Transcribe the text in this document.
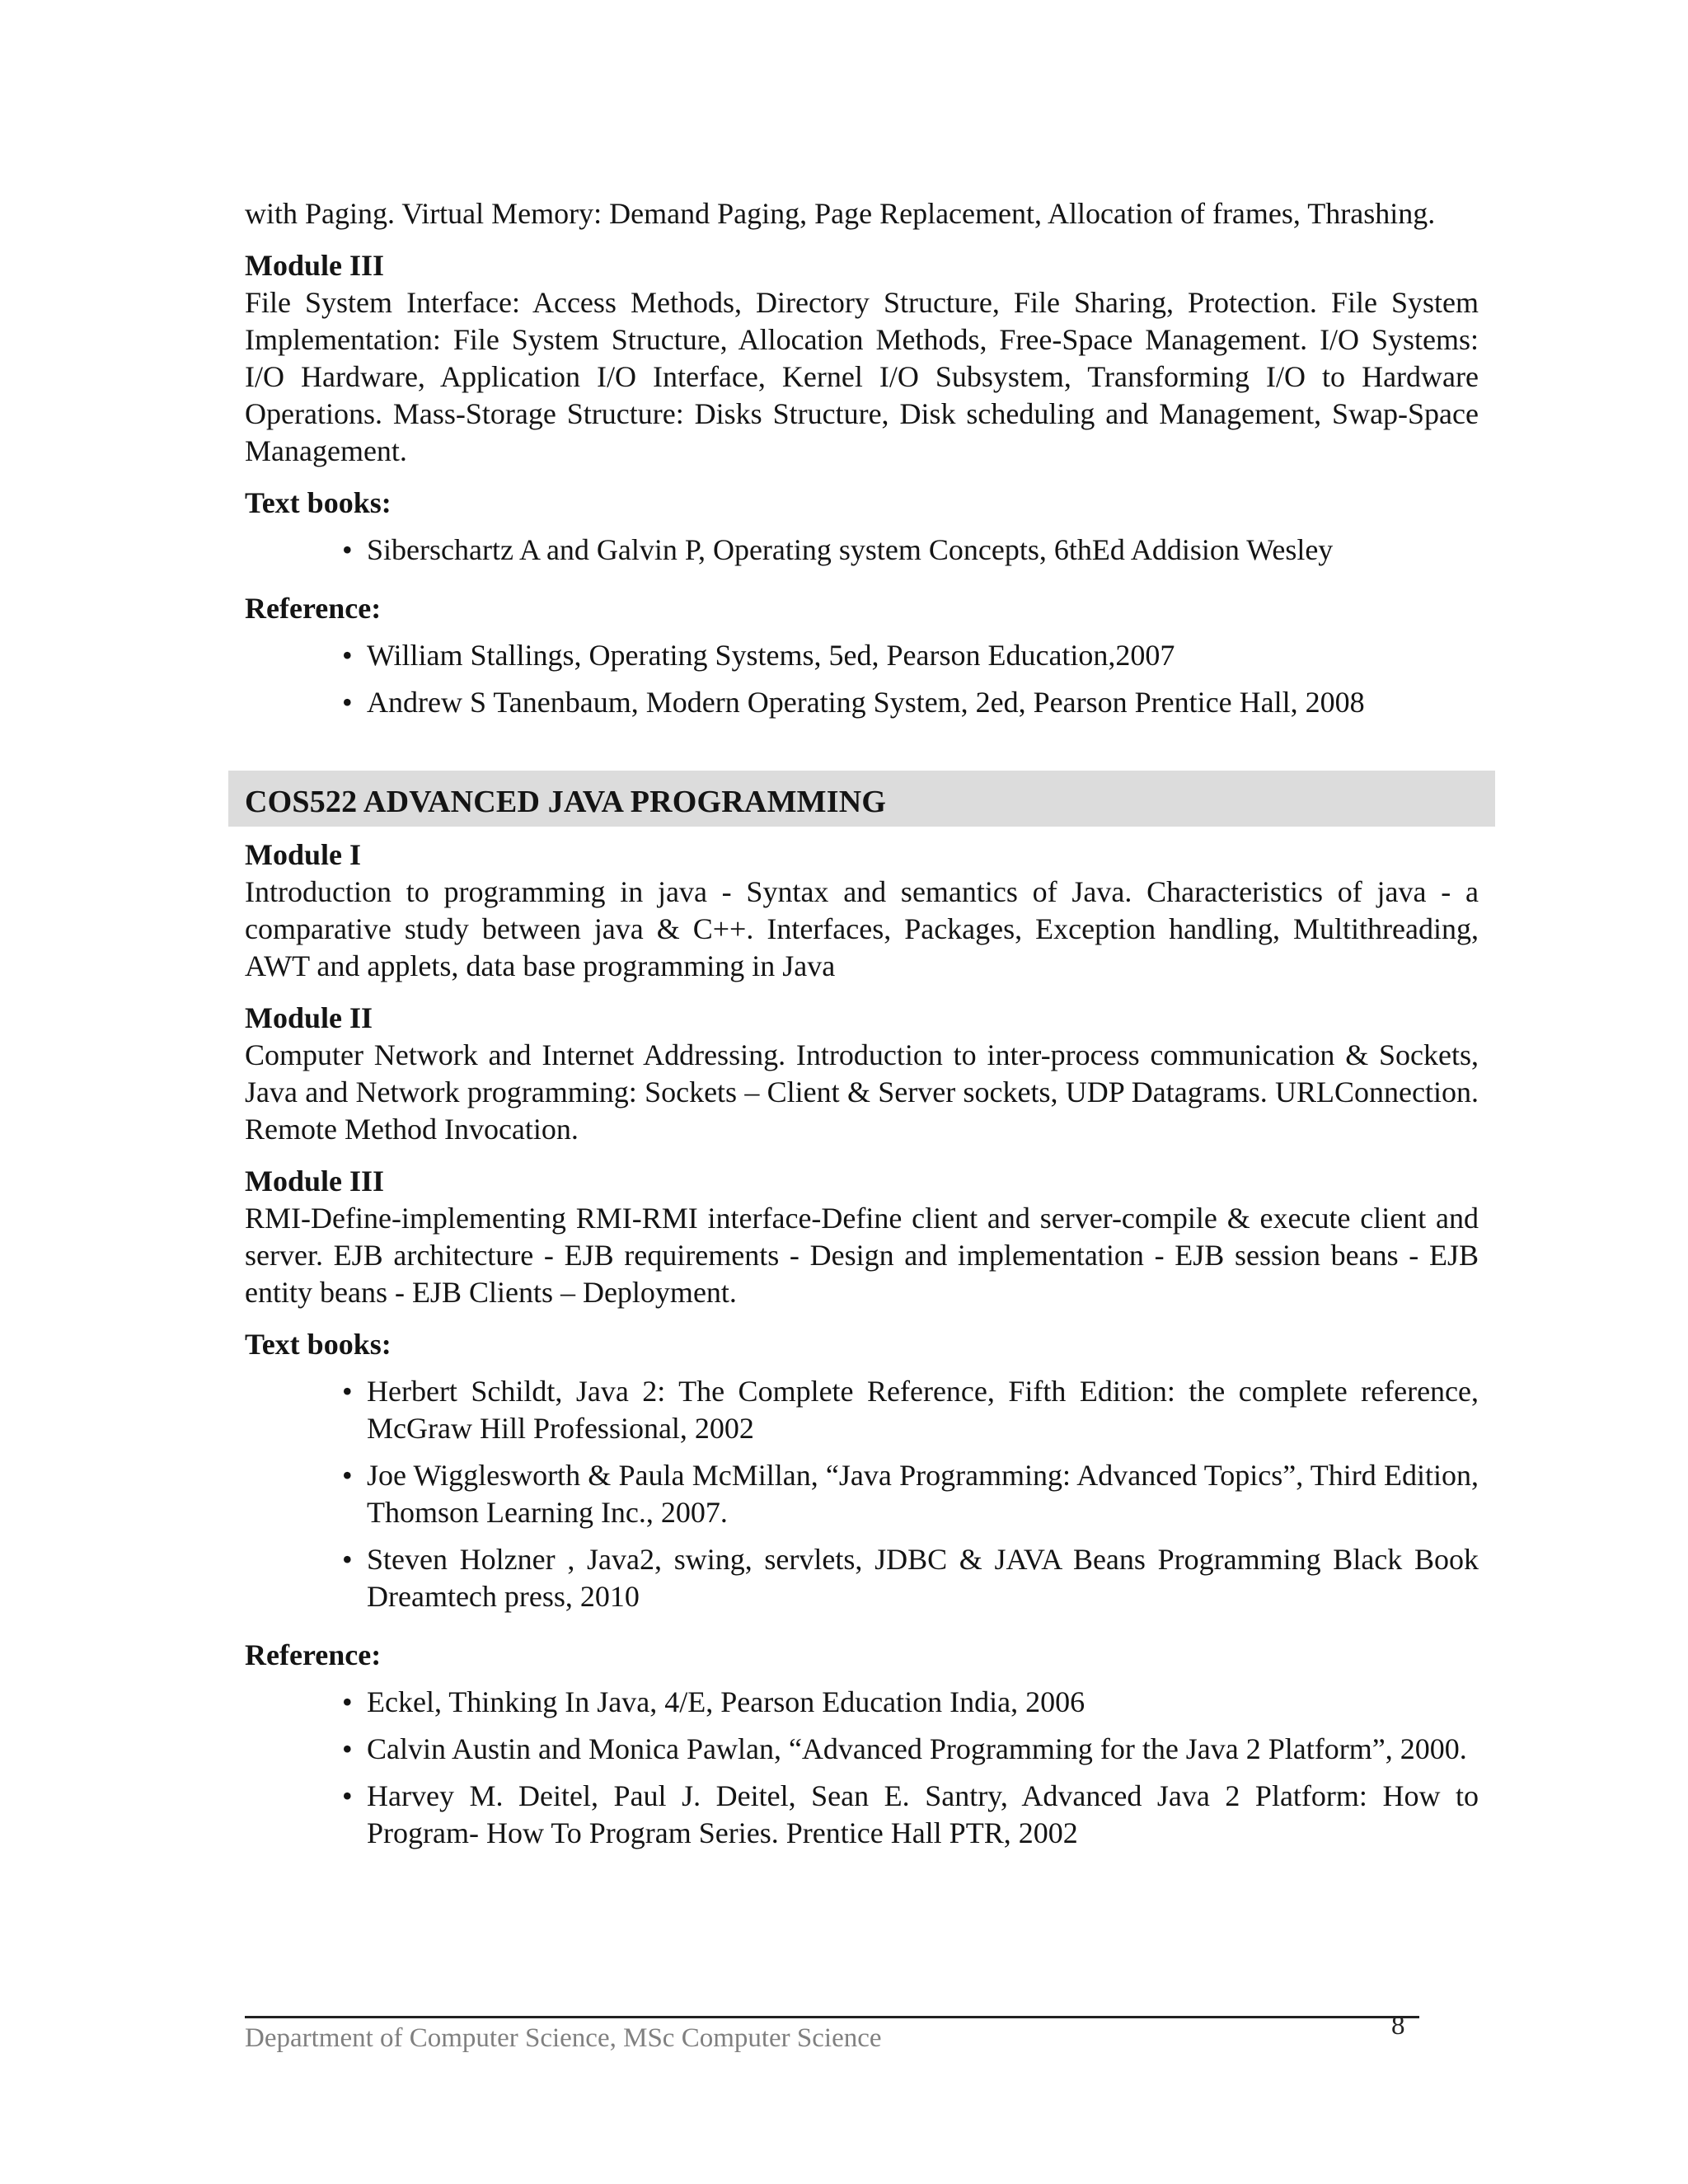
with Paging. Virtual Memory: Demand Paging, Page Replacement, Allocation of frames, Thrashing.

Module III

File System Interface: Access Methods, Directory Structure, File Sharing, Protection. File System Implementation: File System Structure, Allocation Methods, Free-Space Management. I/O Systems: I/O Hardware, Application I/O Interface, Kernel I/O Subsystem, Transforming I/O to Hardware Operations. Mass-Storage Structure: Disks Structure, Disk scheduling and Management, Swap-Space Management.

Text books:

• Siberschartz A and Galvin P, Operating system Concepts, 6thEd Addision Wesley

Reference:

• William Stallings, Operating Systems, 5ed, Pearson Education,2007
• Andrew S Tanenbaum, Modern Operating System, 2ed, Pearson Prentice Hall, 2008
COS522 ADVANCED JAVA PROGRAMMING

Module I

Introduction to programming in java - Syntax and semantics of Java. Characteristics of java - a comparative study between java & C++. Interfaces, Packages, Exception handling, Multithreading, AWT and applets, data base programming in Java

Module II

Computer Network and Internet Addressing. Introduction to inter-process communication & Sockets, Java and Network programming: Sockets – Client & Server sockets, UDP Datagrams. URLConnection. Remote Method Invocation.

Module III

RMI-Define-implementing RMI-RMI interface-Define client and server-compile & execute client and server. EJB architecture - EJB requirements - Design and implementation - EJB session beans - EJB entity beans - EJB Clients – Deployment.

Text books:

• Herbert Schildt, Java 2: The Complete Reference, Fifth Edition: the complete reference, McGraw Hill Professional, 2002
• Joe Wigglesworth & Paula McMillan, “Java Programming: Advanced Topics”, Third Edition, Thomson Learning Inc., 2007.
• Steven Holzner , Java2, swing, servlets, JDBC & JAVA Beans Programming Black Book Dreamtech press, 2010

Reference:

• Eckel, Thinking In Java, 4/E, Pearson Education India, 2006
• Calvin Austin and Monica Pawlan, “Advanced Programming for the Java 2 Platform”, 2000.
• Harvey M. Deitel, Paul J. Deitel, Sean E. Santry, Advanced Java 2 Platform: How to Program- How To Program Series. Prentice Hall PTR, 2002
Department of Computer Science, MSc Computer Science	8
